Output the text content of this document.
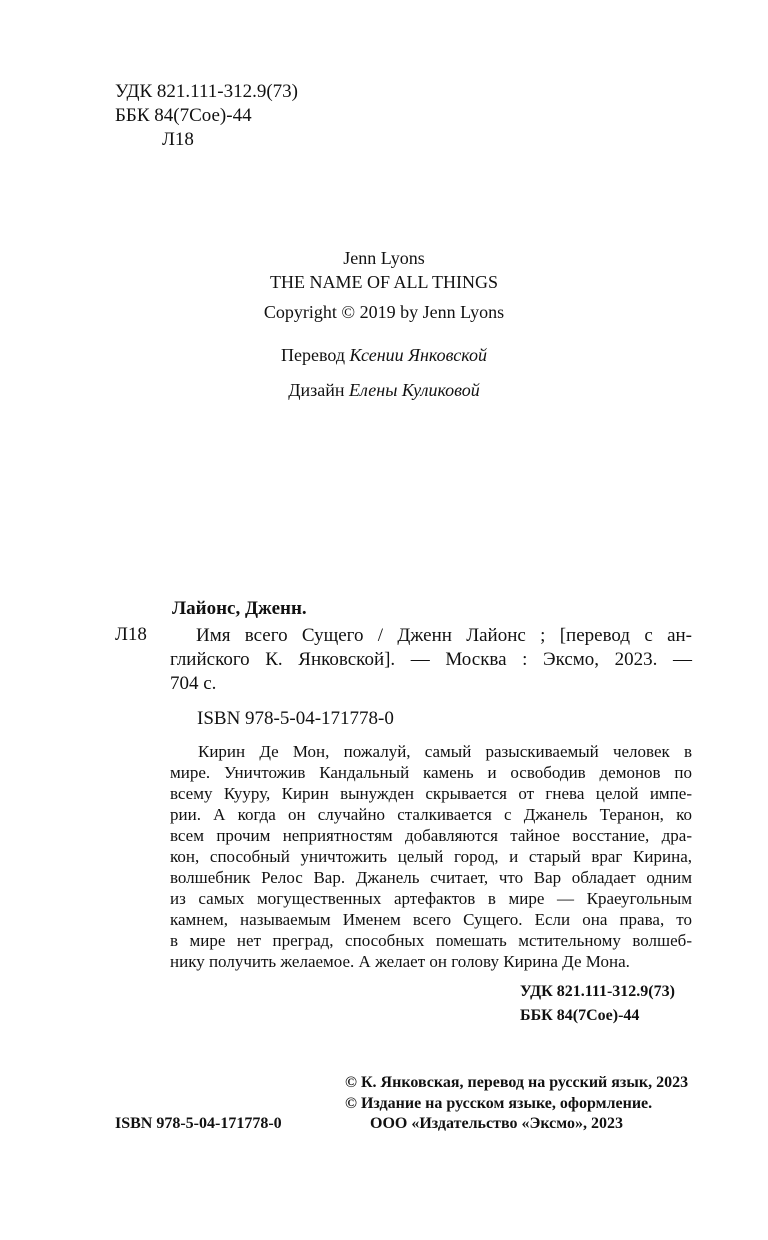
УДК 821.111-312.9(73)
ББК 84(7Сое)-44
Л18
Jenn Lyons
THE NAME OF ALL THINGS
Copyright © 2019 by Jenn Lyons
Перевод Ксении Янковской
Дизайн Елены Куликовой
Лайонс, Дженн.
Л18	Имя всего Сущего / Дженн Лайонс ; [перевод с ан-
глийского К. Янковской]. — Москва : Эксмо, 2023. —
704 с.
ISBN 978-5-04-171778-0
Кирин Де Мон, пожалуй, самый разыскиваемый человек в
мире. Уничтожив Кандальный камень и освободив демонов по
всему Кууру, Кирин вынужден скрывается от гнева целой импе-
рии. А когда он случайно сталкивается с Джанель Теранон, ко
всем прочим неприятностям добавляются тайное восстание, дра-
кон, способный уничтожить целый город, и старый враг Кирина,
волшебник Релос Вар. Джанель считает, что Вар обладает одним
из самых могущественных артефактов в мире — Краеугольным
камнем, называемым Именем всего Сущего. Если она права, то
в мире нет преград, способных помешать мстительному волшеб-
нику получить желаемое. А желает он голову Кирина Де Мона.
УДК 821.111-312.9(73)
ББК 84(7Сое)-44
© К. Янковская, перевод на русский язык, 2023
© Издание на русском языке, оформление.
ISBN 978-5-04-171778-0	ООО «Издательство «Эксмо», 2023
